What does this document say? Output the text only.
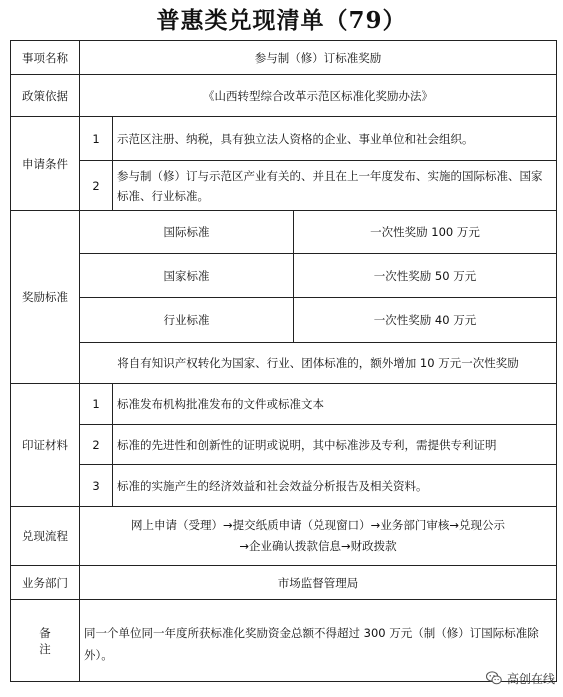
普惠类兑现清单（79）
事项名称	参与制（修）订标准奖励		
政策依据	《山西转型综合改革示范区标准化奖励办法》		
申请条件	1	示范区注册、纳税，具有独立法人资格的企业、事业单位和社会组织。	
	2	参与制（修）订与示范区产业有关的、并且在上一年度发布、实施的国际标准、国家标准、行业标准。	
奖励标准	国际标准		一次性奖励 100 万元
	国家标准		一次性奖励 50 万元
	行业标准		一次性奖励 40 万元
	将自有知识产权转化为国家、行业、团体标准的，额外增加 10 万元一次性奖励		
印证材料	1	标准发布机构批准发布的文件或标准文本	
	2	标准的先进性和创新性的证明或说明，其中标准涉及专利，需提供专利证明	
	3	标准的实施产生的经济效益和社会效益分析报告及相关资料。	
兑现流程	网上申请（受理）→提交纸质申请（兑现窗口）→业务部门审核→兑现公示
→企业确认拨款信息→财政拨款		

业务部门	市场监督管理局		
备注	同一个单位同一年度所获标准化奖励资金总额不得超过 300 万元（制（修）订国际标准除外）。		
高创在线
